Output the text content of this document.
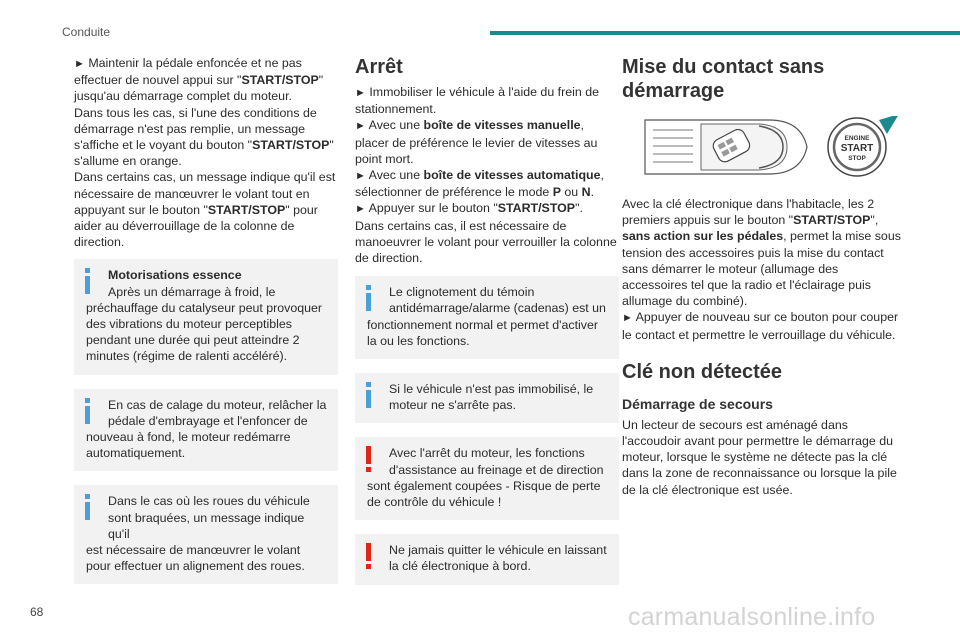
Conduite

► Maintenir la pédale enfoncée et ne pas effectuer de nouvel appui sur "START/STOP" jusqu'au démarrage complet du moteur.
Dans tous les cas, si l'une des conditions de démarrage n'est pas remplie, un message s'affiche et le voyant du bouton "START/STOP" s'allume en orange.
Dans certains cas, un message indique qu'il est nécessaire de manœuvrer le volant tout en appuyant sur le bouton "START/STOP" pour aider au déverrouillage de la colonne de direction.

Motorisations essence
Après un démarrage à froid, le
préchauffage du catalyseur peut provoquer des vibrations du moteur perceptibles pendant une durée qui peut atteindre 2 minutes (régime de ralenti accéléré).
En cas de calage du moteur, relâcher la pédale d'embrayage et l'enfoncer de
nouveau à fond, le moteur redémarre automatiquement.
Dans le cas où les roues du véhicule sont braquées, un message indique qu'il
est nécessaire de manœuvrer le volant pour effectuer un alignement des roues.
Arrêt

► Immobiliser le véhicule à l'aide du frein de stationnement.
► Avec une boîte de vitesses manuelle, placer de préférence le levier de vitesses au point mort.
► Avec une boîte de vitesses automatique, sélectionner de préférence le mode P ou N.
► Appuyer sur le bouton "START/STOP".
Dans certains cas, il est nécessaire de manoeuvrer le volant pour verrouiller la colonne de direction.

Le clignotement du témoin antidémarrage/alarme (cadenas) est un
fonctionnement normal et permet d'activer la ou les fonctions.
Si le véhicule n'est pas immobilisé, le moteur ne s'arrête pas.
Avec l'arrêt du moteur, les fonctions d'assistance au freinage et de direction
sont également coupées - Risque de perte de contrôle du véhicule !
Ne jamais quitter le véhicule en laissant la clé électronique à bord.
Mise du contact sans démarrage
ENGINE
START
STOP

Avec la clé électronique dans l'habitacle, les 2 premiers appuis sur le bouton "START/STOP", sans action sur les pédales, permet la mise sous tension des accessoires puis la mise du contact sans démarrer le moteur (allumage des accessoires tel que la radio et l'éclairage puis allumage du combiné).
► Appuyer de nouveau sur ce bouton pour couper le contact et permettre le verrouillage du véhicule.

Clé non détectée
Démarrage de secours

Un lecteur de secours est aménagé dans l'accoudoir avant pour permettre le démarrage du moteur, lorsque le système ne détecte pas la clé dans la zone de reconnaissance ou lorsque la pile de la clé électronique est usée.

68	carmanualsonline.info
